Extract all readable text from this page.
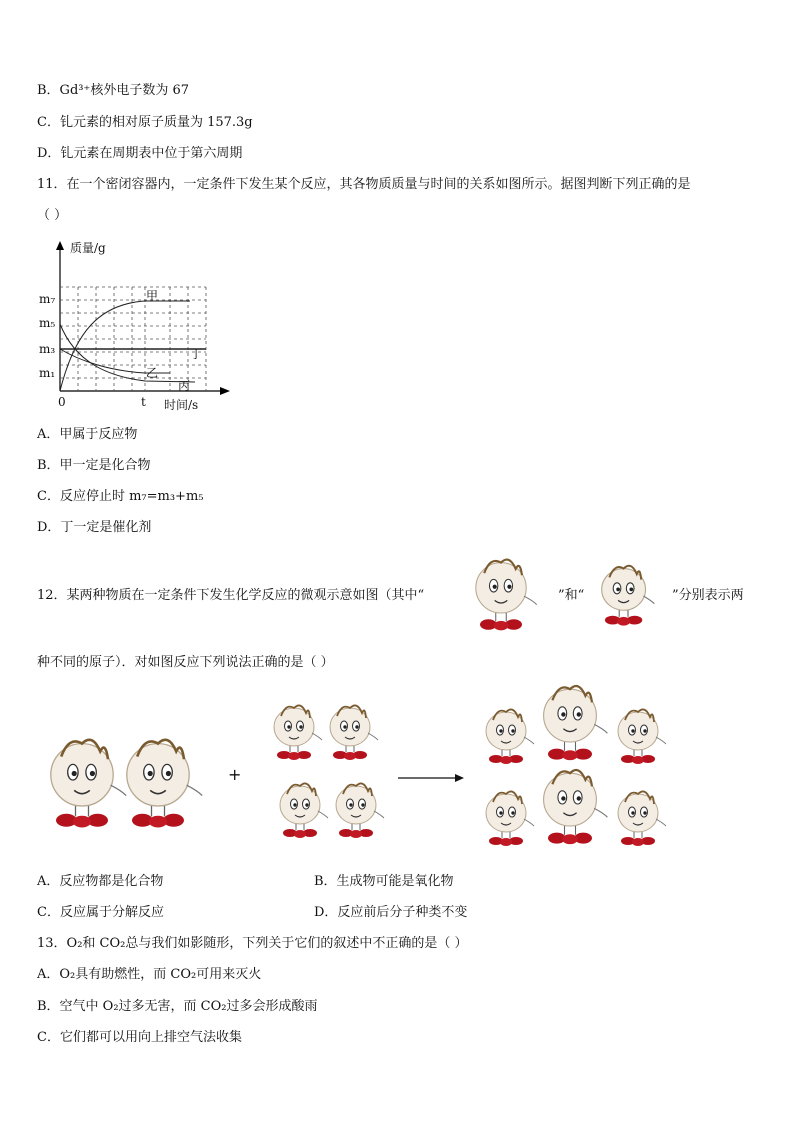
B．Gd³⁺核外电子数为 67
C．钆元素的相对原子质量为 157.3g
D．钆元素在周期表中位于第六周期
11．在一个密闭容器内，一定条件下发生某个反应，其各物质质量与时间的关系如图所示。据图判断下列正确的是
（ ）
质量/g
时间/s
0	t
m₁
m₃
m₅
m₇	甲
乙
丙
丁
A．甲属于反应物
B．甲一定是化合物
C．反应停止时 m₇=m₃+m₅
D．丁一定是催化剂
12．某两种物质在一定条件下发生化学反应的微观示意如图（其中“	”和“	”分别表示两
种不同的原子）．对如图反应下列说法正确的是（ ）
+
A．反应物都是化合物	B．生成物可能是氧化物
C．反应属于分解反应	D．反应前后分子种类不变
13．O₂和 CO₂总与我们如影随形，下列关于它们的叙述中不正确的是（ ）
A．O₂具有助燃性，而 CO₂可用来灭火
B．空气中 O₂过多无害，而 CO₂过多会形成酸雨
C．它们都可以用向上排空气法收集
